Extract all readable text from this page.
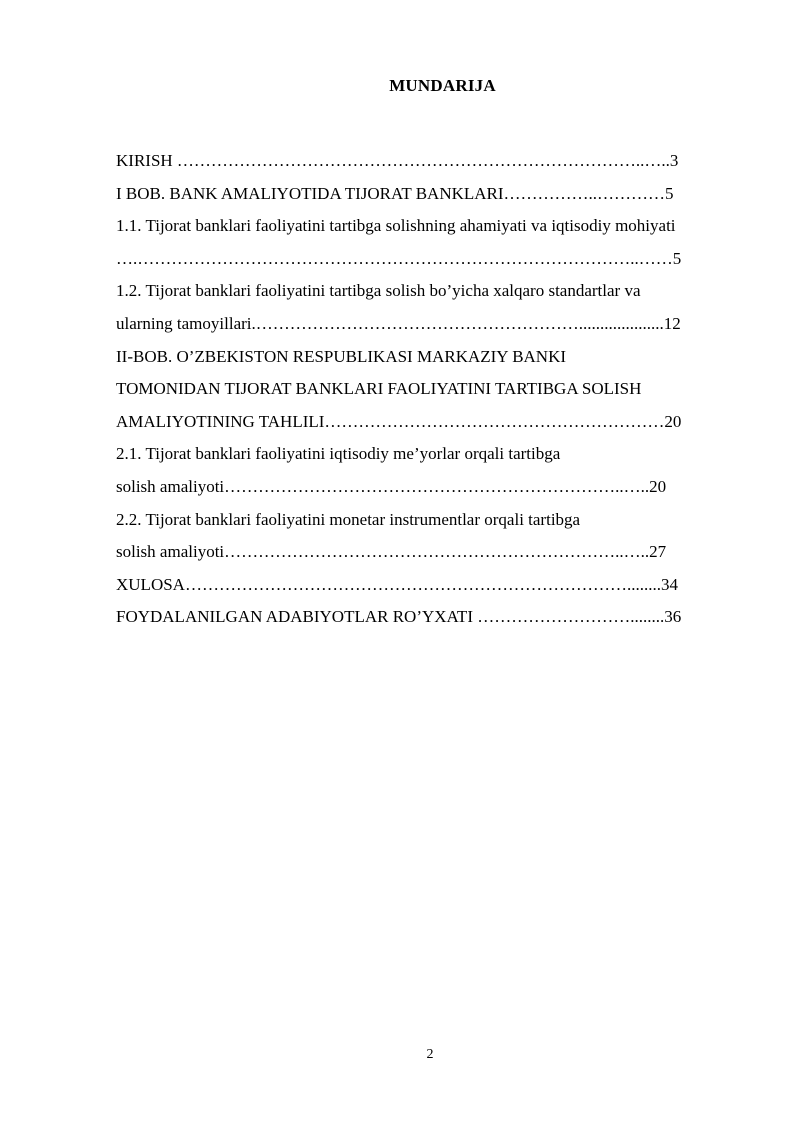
MUNDARIJA
KIRISH ………………………………………………………………………..…..3
I BOB. BANK AMALIYOTIDA TIJORAT BANKLARI……………..…………5
1.1. Tijorat banklari faoliyatini tartibga solishning ahamiyati va iqtisodiy mohiyati
….……………………………………………………………………………..……5
1.2. Tijorat banklari faoliyatini tartibga solish bo’yicha xalqaro standartlar va
ularning tamoyillari.…………………………………………………....................12
II-BOB. O’ZBEKISTON RESPUBLIKASI MARKAZIY BANKI
TOMONIDAN TIJORAT BANKLARI FAOLIYATINI TARTIBGA SOLISH
AMALIYOTINING TAHLILI……………………………………………………20
2.1. Tijorat banklari faoliyatini iqtisodiy me’yorlar orqali tartibga
solish amaliyoti……………………………………………………………..…..20
2.2. Tijorat banklari faoliyatini monetar instrumentlar orqali tartibga
solish amaliyoti……………………………………………………………..…..27
XULOSA……………………………………………………………………........34
FOYDALANILGAN ADABIYOTLAR RO’YXATI ………………………........36
2
